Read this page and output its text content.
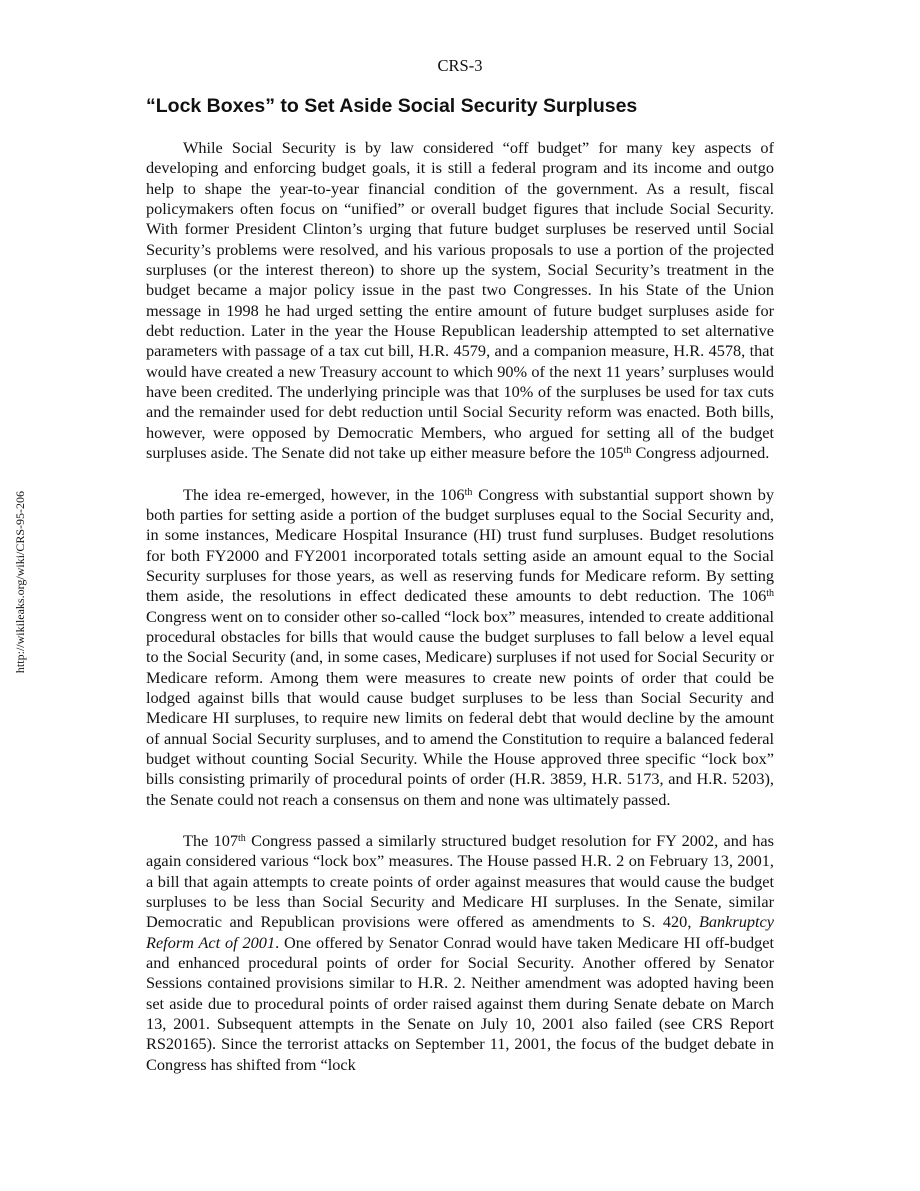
CRS-3
http://wikileaks.org/wiki/CRS-95-206
“Lock Boxes” to Set Aside Social Security Surpluses

While Social Security is by law considered “off budget” for many key aspects of developing and enforcing budget goals, it is still a federal program and its income and outgo help to shape the year-to-year financial condition of the government. As a result, fiscal policymakers often focus on “unified” or overall budget figures that include Social Security. With former President Clinton’s urging that future budget surpluses be reserved until Social Security’s problems were resolved, and his various proposals to use a portion of the projected surpluses (or the interest thereon) to shore up the system, Social Security’s treatment in the budget became a major policy issue in the past two Congresses. In his State of the Union message in 1998 he had urged setting the entire amount of future budget surpluses aside for debt reduction. Later in the year the House Republican leadership attempted to set alternative parameters with passage of a tax cut bill, H.R. 4579, and a companion measure, H.R. 4578, that would have created a new Treasury account to which 90% of the next 11 years’ surpluses would have been credited. The underlying principle was that 10% of the surpluses be used for tax cuts and the remainder used for debt reduction until Social Security reform was enacted. Both bills, however, were opposed by Democratic Members, who argued for setting all of the budget surpluses aside. The Senate did not take up either measure before the 105th Congress adjourned.

The idea re-emerged, however, in the 106th Congress with substantial support shown by both parties for setting aside a portion of the budget surpluses equal to the Social Security and, in some instances, Medicare Hospital Insurance (HI) trust fund surpluses. Budget resolutions for both FY2000 and FY2001 incorporated totals setting aside an amount equal to the Social Security surpluses for those years, as well as reserving funds for Medicare reform. By setting them aside, the resolutions in effect dedicated these amounts to debt reduction. The 106th Congress went on to consider other so-called “lock box” measures, intended to create additional procedural obstacles for bills that would cause the budget surpluses to fall below a level equal to the Social Security (and, in some cases, Medicare) surpluses if not used for Social Security or Medicare reform. Among them were measures to create new points of order that could be lodged against bills that would cause budget surpluses to be less than Social Security and Medicare HI surpluses, to require new limits on federal debt that would decline by the amount of annual Social Security surpluses, and to amend the Constitution to require a balanced federal budget without counting Social Security. While the House approved three specific “lock box” bills consisting primarily of procedural points of order (H.R. 3859, H.R. 5173, and H.R. 5203), the Senate could not reach a consensus on them and none was ultimately passed.

The 107th Congress passed a similarly structured budget resolution for FY 2002, and has again considered various “lock box” measures. The House passed H.R. 2 on February 13, 2001, a bill that again attempts to create points of order against measures that would cause the budget surpluses to be less than Social Security and Medicare HI surpluses. In the Senate, similar Democratic and Republican provisions were offered as amendments to S. 420, Bankruptcy Reform Act of 2001. One offered by Senator Conrad would have taken Medicare HI off-budget and enhanced procedural points of order for Social Security. Another offered by Senator Sessions contained provisions similar to H.R. 2. Neither amendment was adopted having been set aside due to procedural points of order raised against them during Senate debate on March 13, 2001. Subsequent attempts in the Senate on July 10, 2001 also failed (see CRS Report RS20165). Since the terrorist attacks on September 11, 2001, the focus of the budget debate in Congress has shifted from “lock
